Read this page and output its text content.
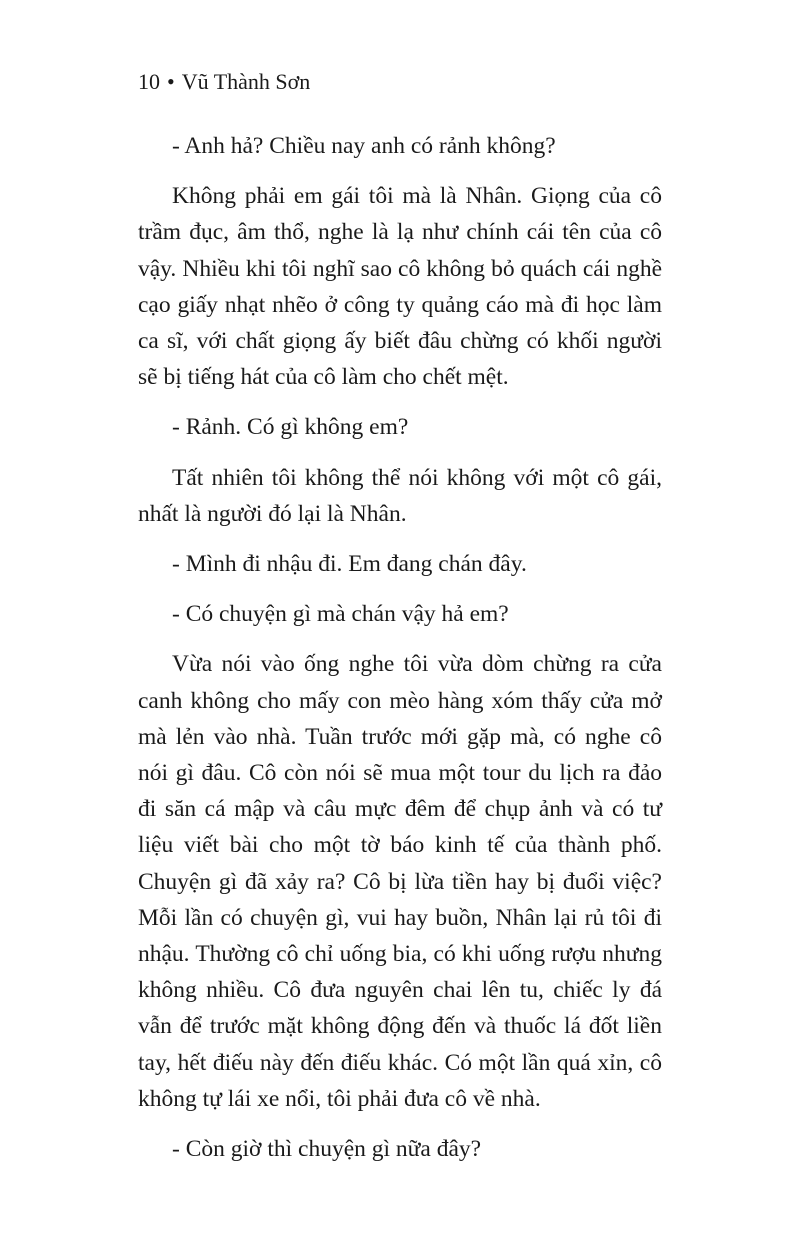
10 • Vũ Thành Sơn

- Anh hả? Chiều nay anh có rảnh không?

Không phải em gái tôi mà là Nhân. Giọng của cô trầm đục, âm thổ, nghe là lạ như chính cái tên của cô vậy. Nhiều khi tôi nghĩ sao cô không bỏ quách cái nghề cạo giấy nhạt nhẽo ở công ty quảng cáo mà đi học làm ca sĩ, với chất giọng ấy biết đâu chừng có khối người sẽ bị tiếng hát của cô làm cho chết mệt.

- Rảnh. Có gì không em?

Tất nhiên tôi không thể nói không với một cô gái, nhất là người đó lại là Nhân.

- Mình đi nhậu đi. Em đang chán đây.

- Có chuyện gì mà chán vậy hả em?

Vừa nói vào ống nghe tôi vừa dòm chừng ra cửa canh không cho mấy con mèo hàng xóm thấy cửa mở mà lẻn vào nhà. Tuần trước mới gặp mà, có nghe cô nói gì đâu. Cô còn nói sẽ mua một tour du lịch ra đảo đi săn cá mập và câu mực đêm để chụp ảnh và có tư liệu viết bài cho một tờ báo kinh tế của thành phố. Chuyện gì đã xảy ra? Cô bị lừa tiền hay bị đuổi việc? Mỗi lần có chuyện gì, vui hay buồn, Nhân lại rủ tôi đi nhậu. Thường cô chỉ uống bia, có khi uống rượu nhưng không nhiều. Cô đưa nguyên chai lên tu, chiếc ly đá vẫn để trước mặt không động đến và thuốc lá đốt liền tay, hết điếu này đến điếu khác. Có một lần quá xỉn, cô không tự lái xe nổi, tôi phải đưa cô về nhà.

- Còn giờ thì chuyện gì nữa đây?
